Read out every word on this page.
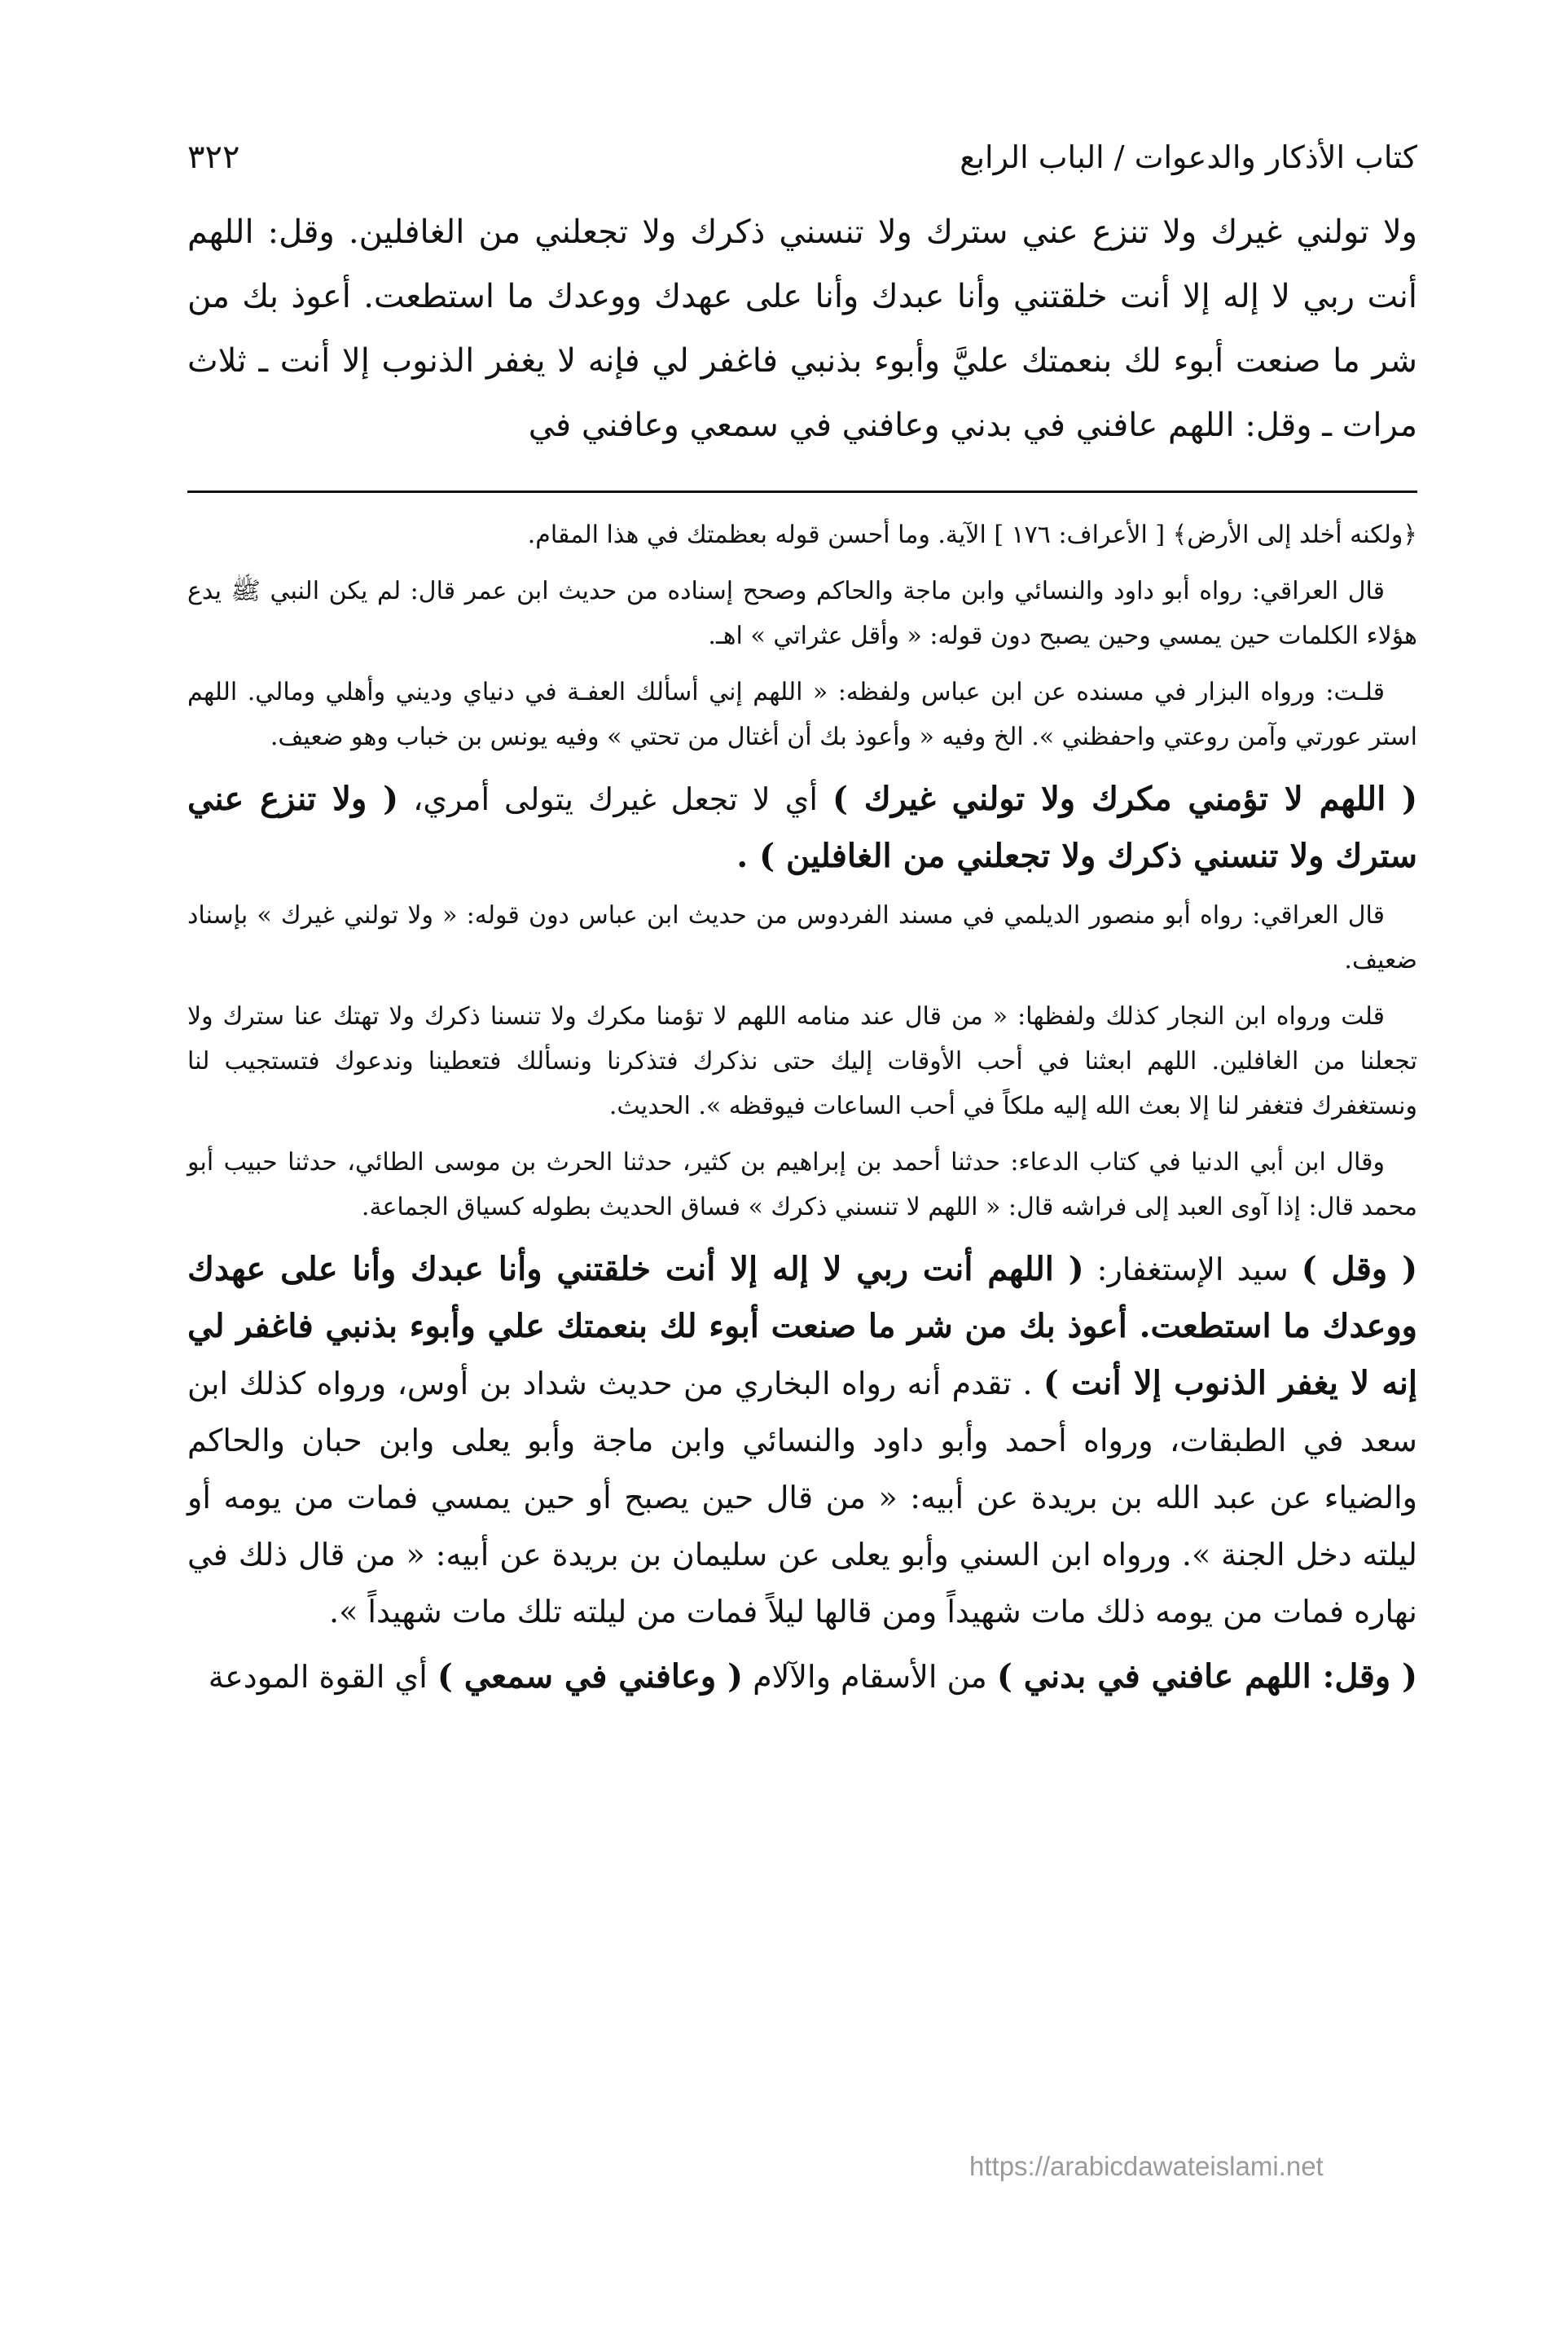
كتاب الأذكار والدعوات / الباب الرابع
٣٢٢

ولا تولني غيرك ولا تنزع عني سترك ولا تنسني ذكرك ولا تجعلني من الغافلين. وقل: اللهم أنت ربي لا إله إلا أنت خلقتني وأنا عبدك وأنا على عهدك ووعدك ما استطعت. أعوذ بك من شر ما صنعت أبوء لك بنعمتك عليَّ وأبوء بذنبي فاغفر لي فإنه لا يغفر الذنوب إلا أنت ـ ثلاث مرات ـ وقل: اللهم عافني في بدني وعافني في سمعي وعافني في

﴿ولكنه أخلد إلى الأرض﴾ [ الأعراف: ١٧٦ ] الآية. وما أحسن قوله بعظمتك في هذا المقام.

قال العراقي: رواه أبو داود والنسائي وابن ماجة والحاكم وصحح إسناده من حديث ابن عمر قال: لم يكن النبي ﷺ يدع هؤلاء الكلمات حين يمسي وحين يصبح دون قوله: « وأقل عثراتي » اهـ.

قلـت: ورواه البزار في مسنده عن ابن عباس ولفظه: « اللهم إني أسألك العفـة في دنياي وديني وأهلي ومالي. اللهم استر عورتي وآمن روعتي واحفظني ». الخ وفيه « وأعوذ بك أن أغتال من تحتي » وفيه يونس بن خباب وهو ضعيف.

( اللهم لا تؤمني مكرك ولا تولني غيرك ) أي لا تجعل غيرك يتولى أمري، ( ولا تنزع عني سترك ولا تنسني ذكرك ولا تجعلني من الغافلين ) .

قال العراقي: رواه أبو منصور الديلمي في مسند الفردوس من حديث ابن عباس دون قوله: « ولا تولني غيرك » بإسناد ضعيف.

قلت ورواه ابن النجار كذلك ولفظها: « من قال عند منامه اللهم لا تؤمنا مكرك ولا تنسنا ذكرك ولا تهتك عنا سترك ولا تجعلنا من الغافلين. اللهم ابعثنا في أحب الأوقات إليك حتى نذكرك فتذكرنا ونسألك فتعطينا وندعوك فتستجيب لنا ونستغفرك فتغفر لنا إلا بعث الله إليه ملكاً في أحب الساعات فيوقظه ». الحديث.

وقال ابن أبي الدنيا في كتاب الدعاء: حدثنا أحمد بن إبراهيم بن كثير، حدثنا الحرث بن موسى الطائي، حدثنا حبيب أبو محمد قال: إذا آوى العبد إلى فراشه قال: « اللهم لا تنسني ذكرك » فساق الحديث بطوله كسياق الجماعة.

( وقل ) سيد الإستغفار: ( اللهم أنت ربي لا إله إلا أنت خلقتني وأنا عبدك وأنا على عهدك ووعدك ما استطعت. أعوذ بك من شر ما صنعت أبوء لك بنعمتك علي وأبوء بذنبي فاغفر لي إنه لا يغفر الذنوب إلا أنت ) . تقدم أنه رواه البخاري من حديث شداد بن أوس، ورواه كذلك ابن سعد في الطبقات، ورواه أحمد وأبو داود والنسائي وابن ماجة وأبو يعلى وابن حبان والحاكم والضياء عن عبد الله بن بريدة عن أبيه: « من قال حين يصبح أو حين يمسي فمات من يومه أو ليلته دخل الجنة ». ورواه ابن السني وأبو يعلى عن سليمان بن بريدة عن أبيه: « من قال ذلك في نهاره فمات من يومه ذلك مات شهيداً ومن قالها ليلاً فمات من ليلته تلك مات شهيداً ».

( وقل: اللهم عافني في بدني ) من الأسقام والآلام ( وعافني في سمعي ) أي القوة المودعة

https://arabicdawateislami.net
